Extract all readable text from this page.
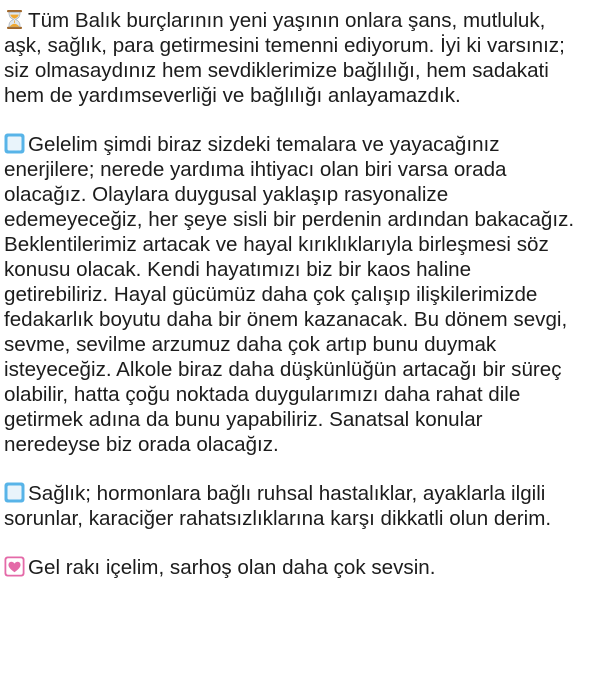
Tüm Balık burçlarının yeni yaşının onlara şans, mutluluk,
aşk, sağlık, para getirmesini temenni ediyorum. İyi ki varsınız;
siz olmasaydınız hem sevdiklerimize bağlılığı, hem sadakati
hem de yardımseverliği ve bağlılığı anlayamazdık.

Gelelim şimdi biraz sizdeki temalara ve yayacağınız
enerjilere; nerede yardıma ihtiyacı olan biri varsa orada
olacağız. Olaylara duygusal yaklaşıp rasyonalize
edemeyeceğiz, her şeye sisli bir perdenin ardından bakacağız.
Beklentilerimiz artacak ve hayal kırıklıklarıyla birleşmesi söz
konusu olacak. Kendi hayatımızı biz bir kaos haline
getirebiliriz. Hayal gücümüz daha çok çalışıp ilişkilerimizde
fedakarlık boyutu daha bir önem kazanacak. Bu dönem sevgi,
sevme, sevilme arzumuz daha çok artıp bunu duymak
isteyeceğiz. Alkole biraz daha düşkünlüğün artacağı bir süreç
olabilir, hatta çoğu noktada duygularımızı daha rahat dile
getirmek adına da bunu yapabiliriz. Sanatsal konular
neredeyse biz orada olacağız.

Sağlık; hormonlara bağlı ruhsal hastalıklar, ayaklarla ilgili
sorunlar, karaciğer rahatsızlıklarına karşı dikkatli olun derim.

Gel rakı içelim, sarhoş olan daha çok sevsin.
